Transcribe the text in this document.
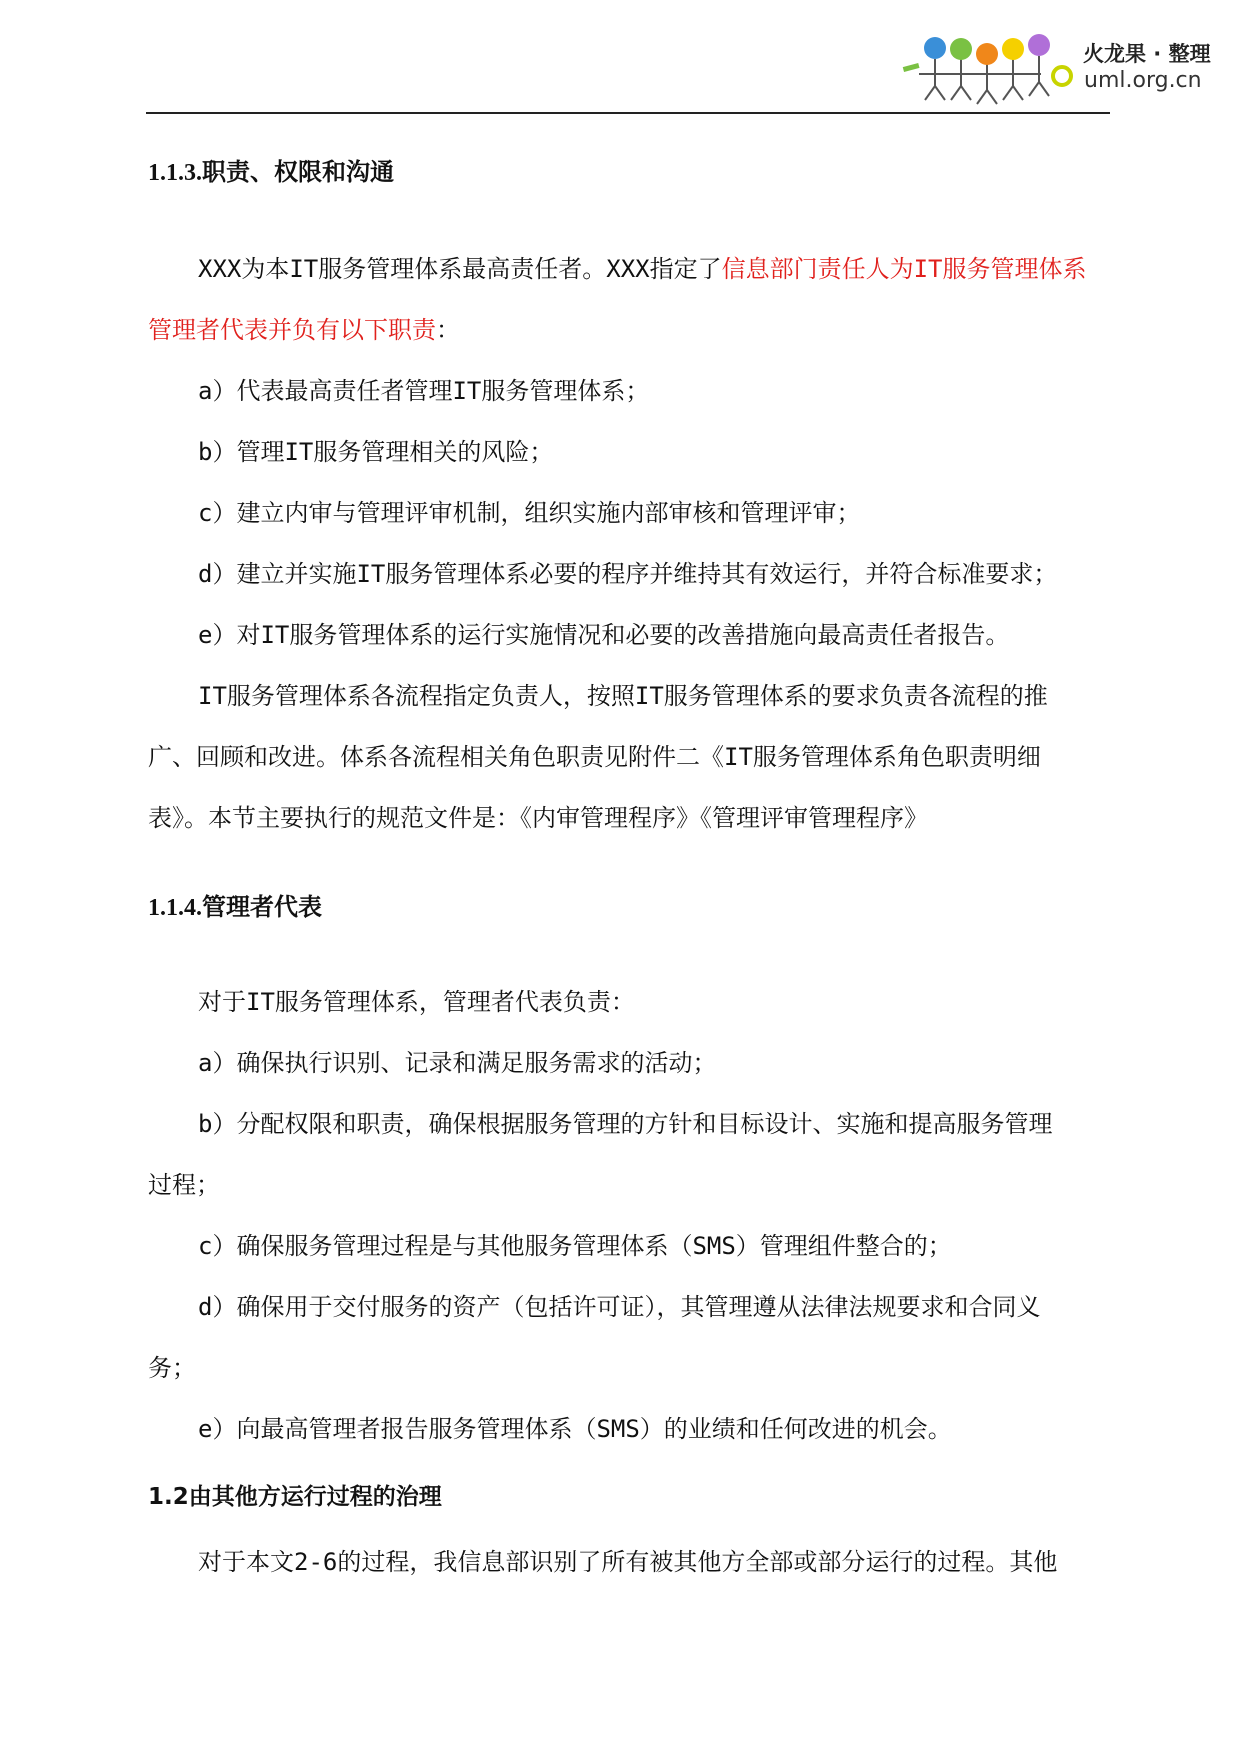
火龙果 · 整理
uml.org.cn
1.1.3.职责、权限和沟通
XXX为本IT服务管理体系最高责任者。XXX指定了信息部门责任人为IT服务管理体系
管理者代表并负有以下职责：
a）代表最高责任者管理IT服务管理体系；
b）管理IT服务管理相关的风险；
c）建立内审与管理评审机制，组织实施内部审核和管理评审；
d）建立并实施IT服务管理体系必要的程序并维持其有效运行，并符合标准要求；
e）对IT服务管理体系的运行实施情况和必要的改善措施向最高责任者报告。
IT服务管理体系各流程指定负责人，按照IT服务管理体系的要求负责各流程的推
广、回顾和改进。体系各流程相关角色职责见附件二《IT服务管理体系角色职责明细
表》。本节主要执行的规范文件是：《内审管理程序》《管理评审管理程序》
1.1.4.管理者代表
对于IT服务管理体系，管理者代表负责：
a）确保执行识别、记录和满足服务需求的活动；
b）分配权限和职责，确保根据服务管理的方针和目标设计、实施和提高服务管理
过程；
c）确保服务管理过程是与其他服务管理体系（SMS）管理组件整合的；
d）确保用于交付服务的资产（包括许可证），其管理遵从法律法规要求和合同义
务；
e）向最高管理者报告服务管理体系（SMS）的业绩和任何改进的机会。
1.2由其他方运行过程的治理
对于本文2-6的过程，我信息部识别了所有被其他方全部或部分运行的过程。其他
